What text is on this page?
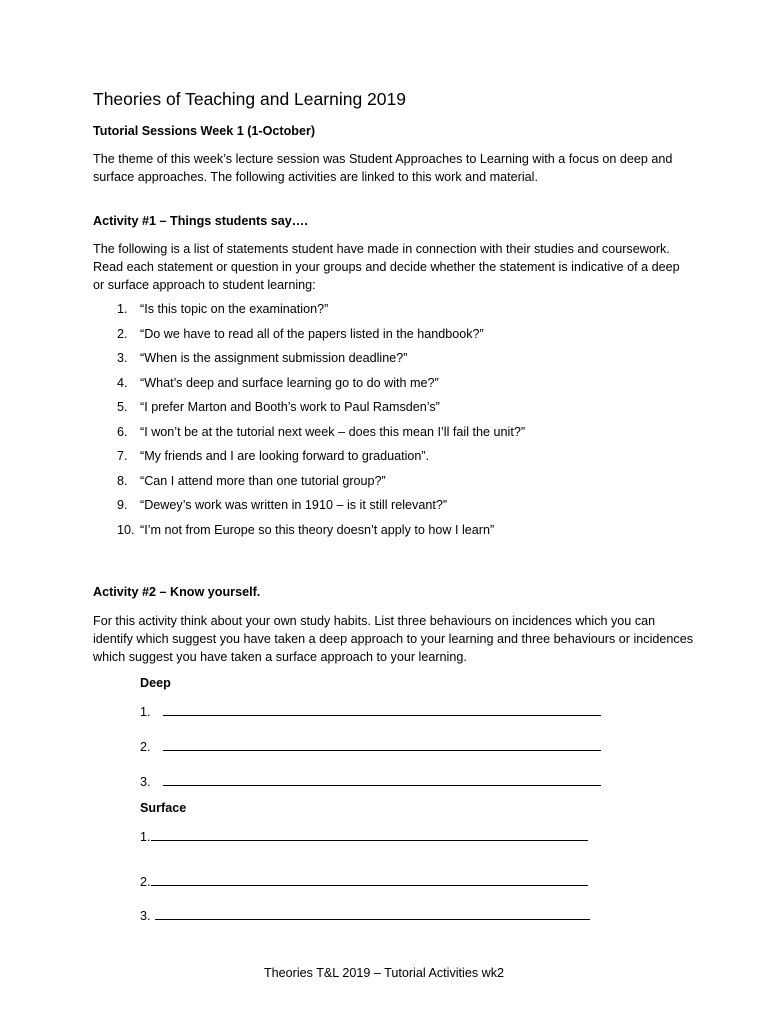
Theories of Teaching and Learning 2019
Tutorial Sessions Week 1 (1-October)
The theme of this week’s lecture session was Student Approaches to Learning with a focus on deep and surface approaches. The following activities are linked to this work and material.
Activity #1 – Things students say….
The following is a list of statements student have made in connection with their studies and coursework. Read each statement or question in your groups and decide whether the statement is indicative of a deep or surface approach to student learning:
1. “Is this topic on the examination?”
2. “Do we have to read all of the papers listed in the handbook?”
3. “When is the assignment submission deadline?”
4. “What’s deep and surface learning go to do with me?”
5. “I prefer Marton and Booth’s work to Paul Ramsden’s”
6. “I won’t be at the tutorial next week – does this mean I’ll fail the unit?”
7. “My friends and I are looking forward to graduation”.
8. “Can I attend more than one tutorial group?”
9. “Dewey’s work was written in 1910 – is it still relevant?”
10. “I’m not from Europe so this theory doesn’t apply to how I learn”
Activity #2 – Know yourself.
For this activity think about your own study habits. List three behaviours on incidences which you can identify which suggest you have taken a deep approach to your learning and three behaviours or incidences which suggest you have taken a surface approach to your learning.
Deep
1.
2.
3.
Surface
1.
2.
3.
Theories T&L 2019 – Tutorial Activities wk2
